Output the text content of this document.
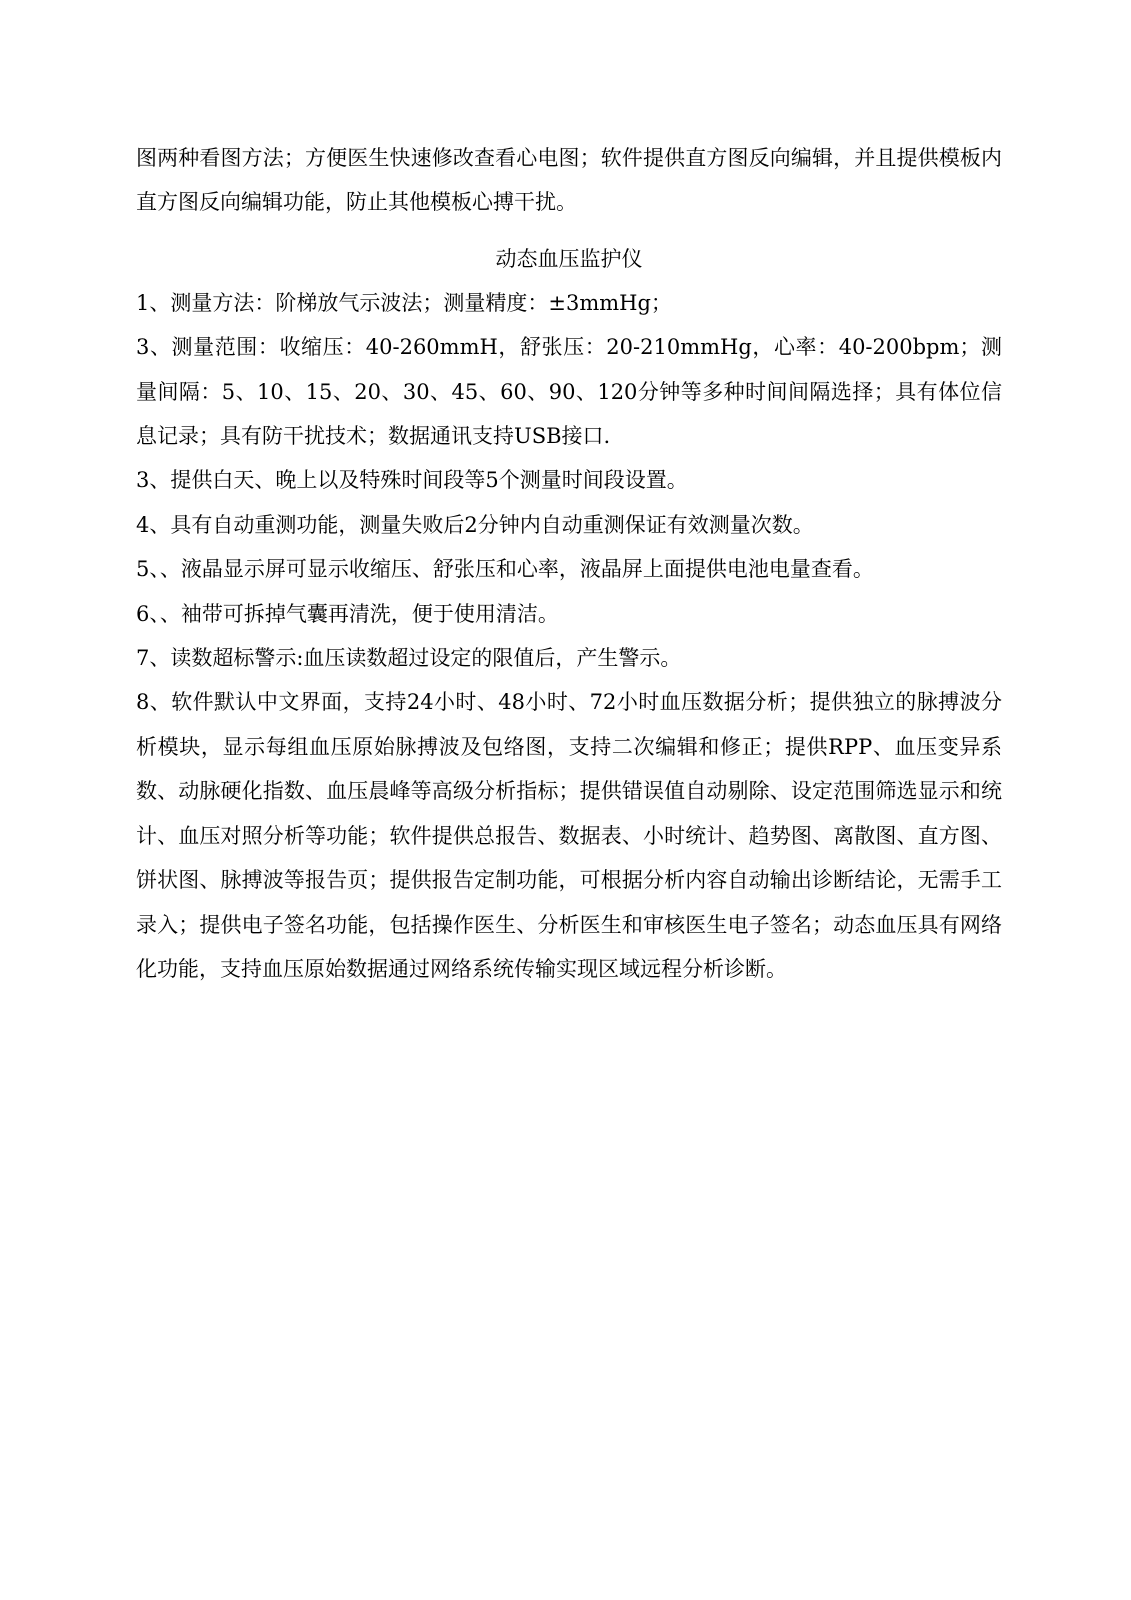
图两种看图方法；方便医生快速修改查看心电图；软件提供直方图反向编辑，并且提供模板内直方图反向编辑功能，防止其他模板心搏干扰。

动态血压监护仪

1、测量方法：阶梯放气示波法；测量精度：±3mmHg；

3、测量范围：收缩压：40-260mmH，舒张压：20-210mmHg，心率：40-200bpm；测量间隔：5、10、15、20、30、45、60、90、120分钟等多种时间间隔选择；具有体位信息记录；具有防干扰技术；数据通讯支持USB接口.

3、提供白天、晚上以及特殊时间段等5个测量时间段设置。

4、具有自动重测功能，测量失败后2分钟内自动重测保证有效测量次数。

5、、液晶显示屏可显示收缩压、舒张压和心率，液晶屏上面提供电池电量查看。

6、、袖带可拆掉气囊再清洗，便于使用清洁。

7、读数超标警示:血压读数超过设定的限值后，产生警示。

8、软件默认中文界面，支持24小时、48小时、72小时血压数据分析；提供独立的脉搏波分析模块，显示每组血压原始脉搏波及包络图，支持二次编辑和修正；提供RPP、血压变异系数、动脉硬化指数、血压晨峰等高级分析指标；提供错误值自动剔除、设定范围筛选显示和统计、血压对照分析等功能；软件提供总报告、数据表、小时统计、趋势图、离散图、直方图、饼状图、脉搏波等报告页；提供报告定制功能，可根据分析内容自动输出诊断结论，无需手工录入；提供电子签名功能，包括操作医生、分析医生和审核医生电子签名；动态血压具有网络化功能，支持血压原始数据通过网络系统传输实现区域远程分析诊断。
